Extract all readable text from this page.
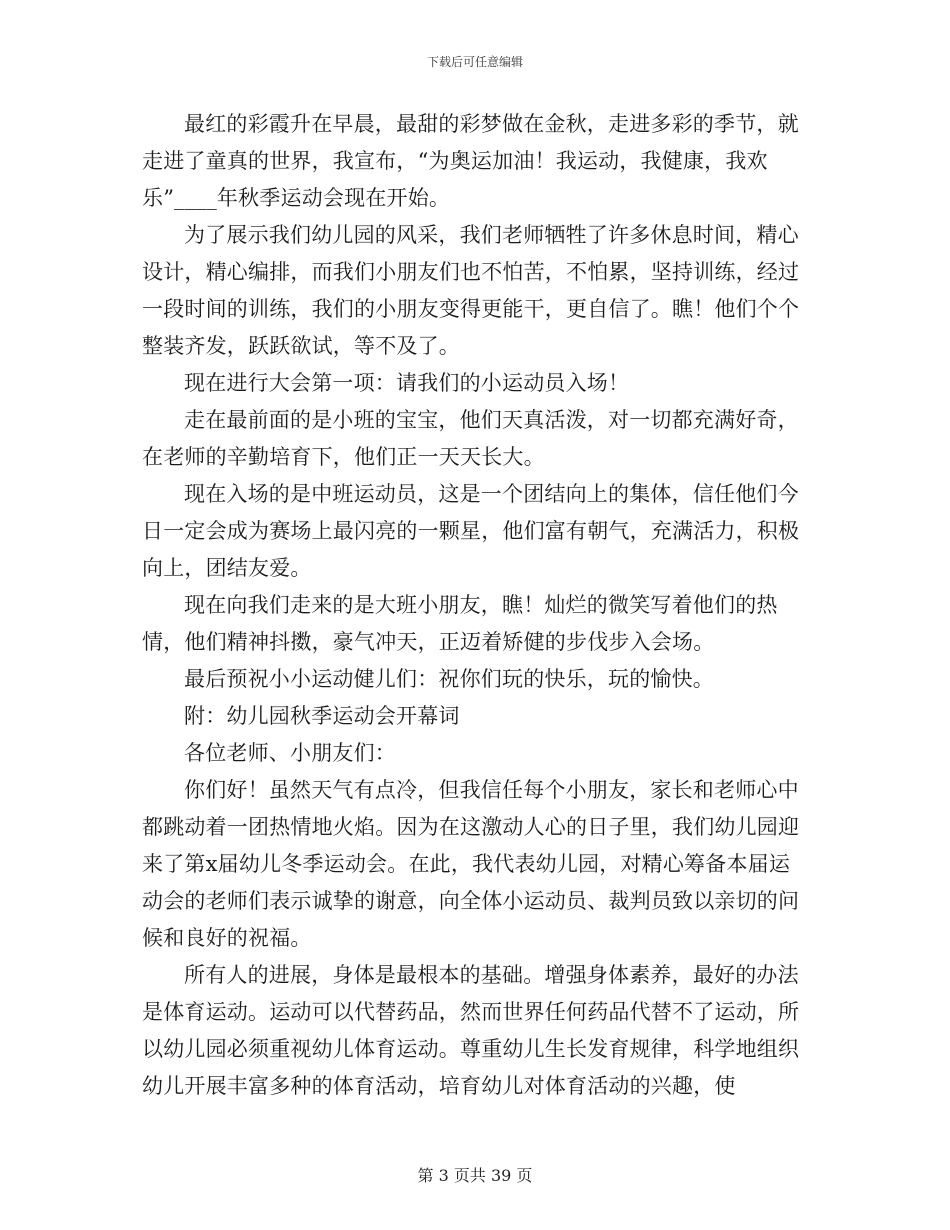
下载后可任意编辑

最红的彩霞升在早晨，最甜的彩梦做在金秋，走进多彩的季节，就走进了童真的世界，我宣布，“为奥运加油！我运动，我健康，我欢乐”____年秋季运动会现在开始。

为了展示我们幼儿园的风采，我们老师牺牲了许多休息时间，精心设计，精心编排，而我们小朋友们也不怕苦，不怕累，坚持训练，经过一段时间的训练，我们的小朋友变得更能干，更自信了。瞧！他们个个整装齐发，跃跃欲试，等不及了。

现在进行大会第一项：请我们的小运动员入场！

走在最前面的是小班的宝宝，他们天真活泼，对一切都充满好奇，在老师的辛勤培育下，他们正一天天长大。

现在入场的是中班运动员，这是一个团结向上的集体，信任他们今日一定会成为赛场上最闪亮的一颗星，他们富有朝气，充满活力，积极向上，团结友爱。

现在向我们走来的是大班小朋友，瞧！灿烂的微笑写着他们的热情，他们精神抖擞，豪气冲天，正迈着矫健的步伐步入会场。

最后预祝小小运动健儿们：祝你们玩的快乐，玩的愉快。

附：幼儿园秋季运动会开幕词

各位老师、小朋友们：

你们好！虽然天气有点冷，但我信任每个小朋友，家长和老师心中都跳动着一团热情地火焰。因为在这激动人心的日子里，我们幼儿园迎来了第x届幼儿冬季运动会。在此，我代表幼儿园，对精心筹备本届运动会的老师们表示诚挚的谢意，向全体小运动员、裁判员致以亲切的问候和良好的祝福。

所有人的进展，身体是最根本的基础。增强身体素养，最好的办法是体育运动。运动可以代替药品，然而世界任何药品代替不了运动，所以幼儿园必须重视幼儿体育运动。尊重幼儿生长发育规律，科学地组织幼儿开展丰富多种的体育活动，培育幼儿对体育活动的兴趣，使

第 3 页共 39 页
